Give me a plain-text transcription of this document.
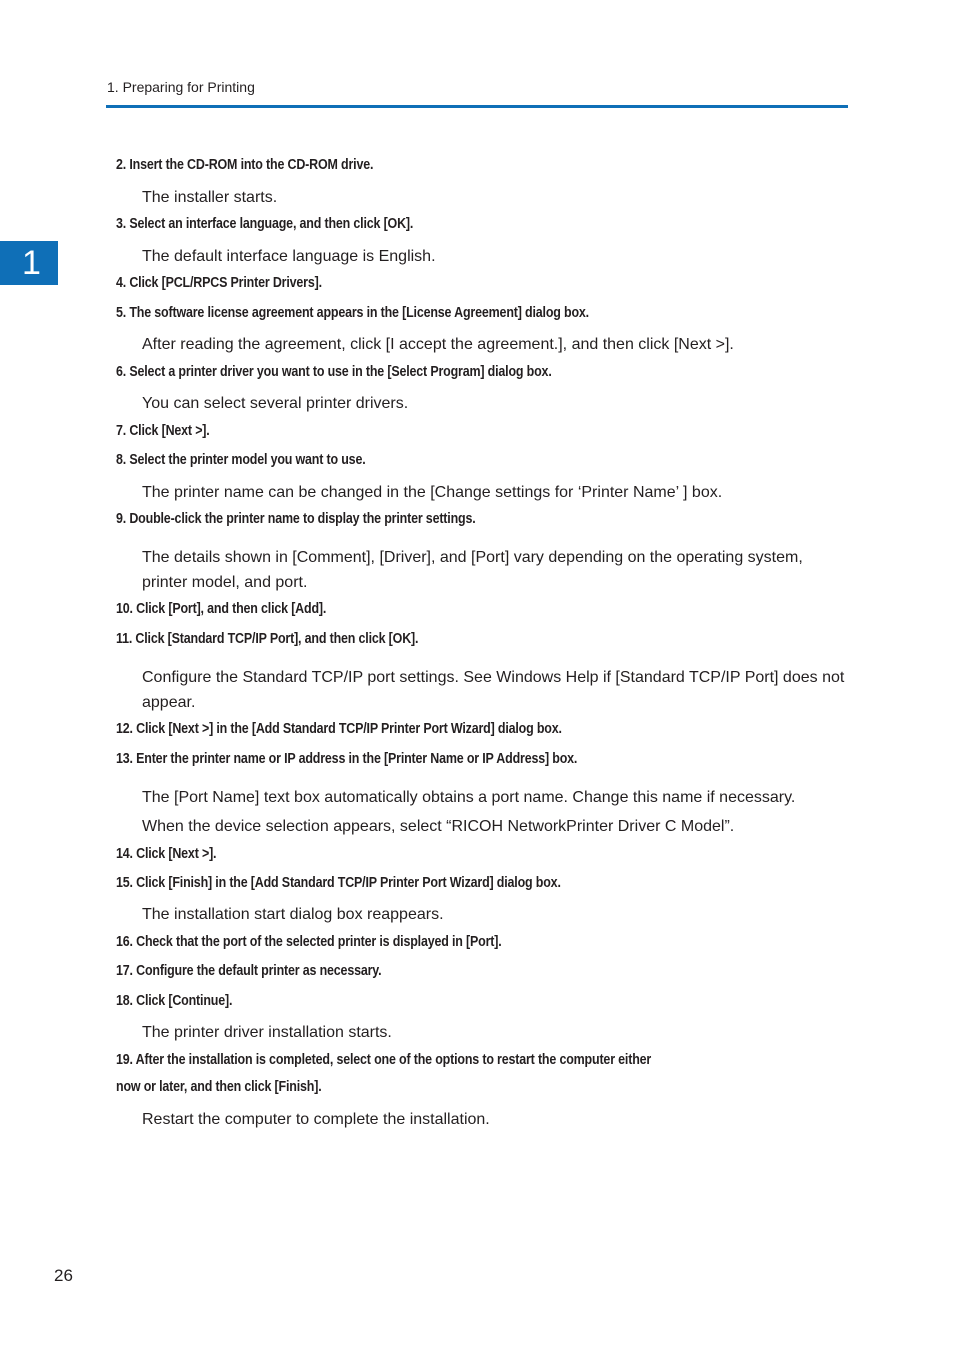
1. Preparing for Printing
1
2. Insert the CD-ROM into the CD-ROM drive.
The installer starts.
3. Select an interface language, and then click [OK].
The default interface language is English.
4. Click [PCL/RPCS Printer Drivers].
5. The software license agreement appears in the [License Agreement] dialog box.
After reading the agreement, click [I accept the agreement.], and then click [Next >].
6. Select a printer driver you want to use in the [Select Program] dialog box.
You can select several printer drivers.
7. Click [Next >].
8. Select the printer model you want to use.
The printer name can be changed in the [Change settings for ‘Printer Name’ ] box.
9. Double-click the printer name to display the printer settings.
The details shown in [Comment], [Driver], and [Port] vary depending on the operating system, printer model, and port.
10. Click [Port], and then click [Add].
11. Click [Standard TCP/IP Port], and then click [OK].
Configure the Standard TCP/IP port settings. See Windows Help if [Standard TCP/IP Port] does not appear.
12. Click [Next >] in the [Add Standard TCP/IP Printer Port Wizard] dialog box.
13. Enter the printer name or IP address in the [Printer Name or IP Address] box.
The [Port Name] text box automatically obtains a port name. Change this name if necessary.
When the device selection appears, select “RICOH NetworkPrinter Driver C Model”.
14. Click [Next >].
15. Click [Finish] in the [Add Standard TCP/IP Printer Port Wizard] dialog box.
The installation start dialog box reappears.
16. Check that the port of the selected printer is displayed in [Port].
17. Configure the default printer as necessary.
18. Click [Continue].
The printer driver installation starts.
19. After the installation is completed, select one of the options to restart the computer either
now or later, and then click [Finish].
Restart the computer to complete the installation.
26
